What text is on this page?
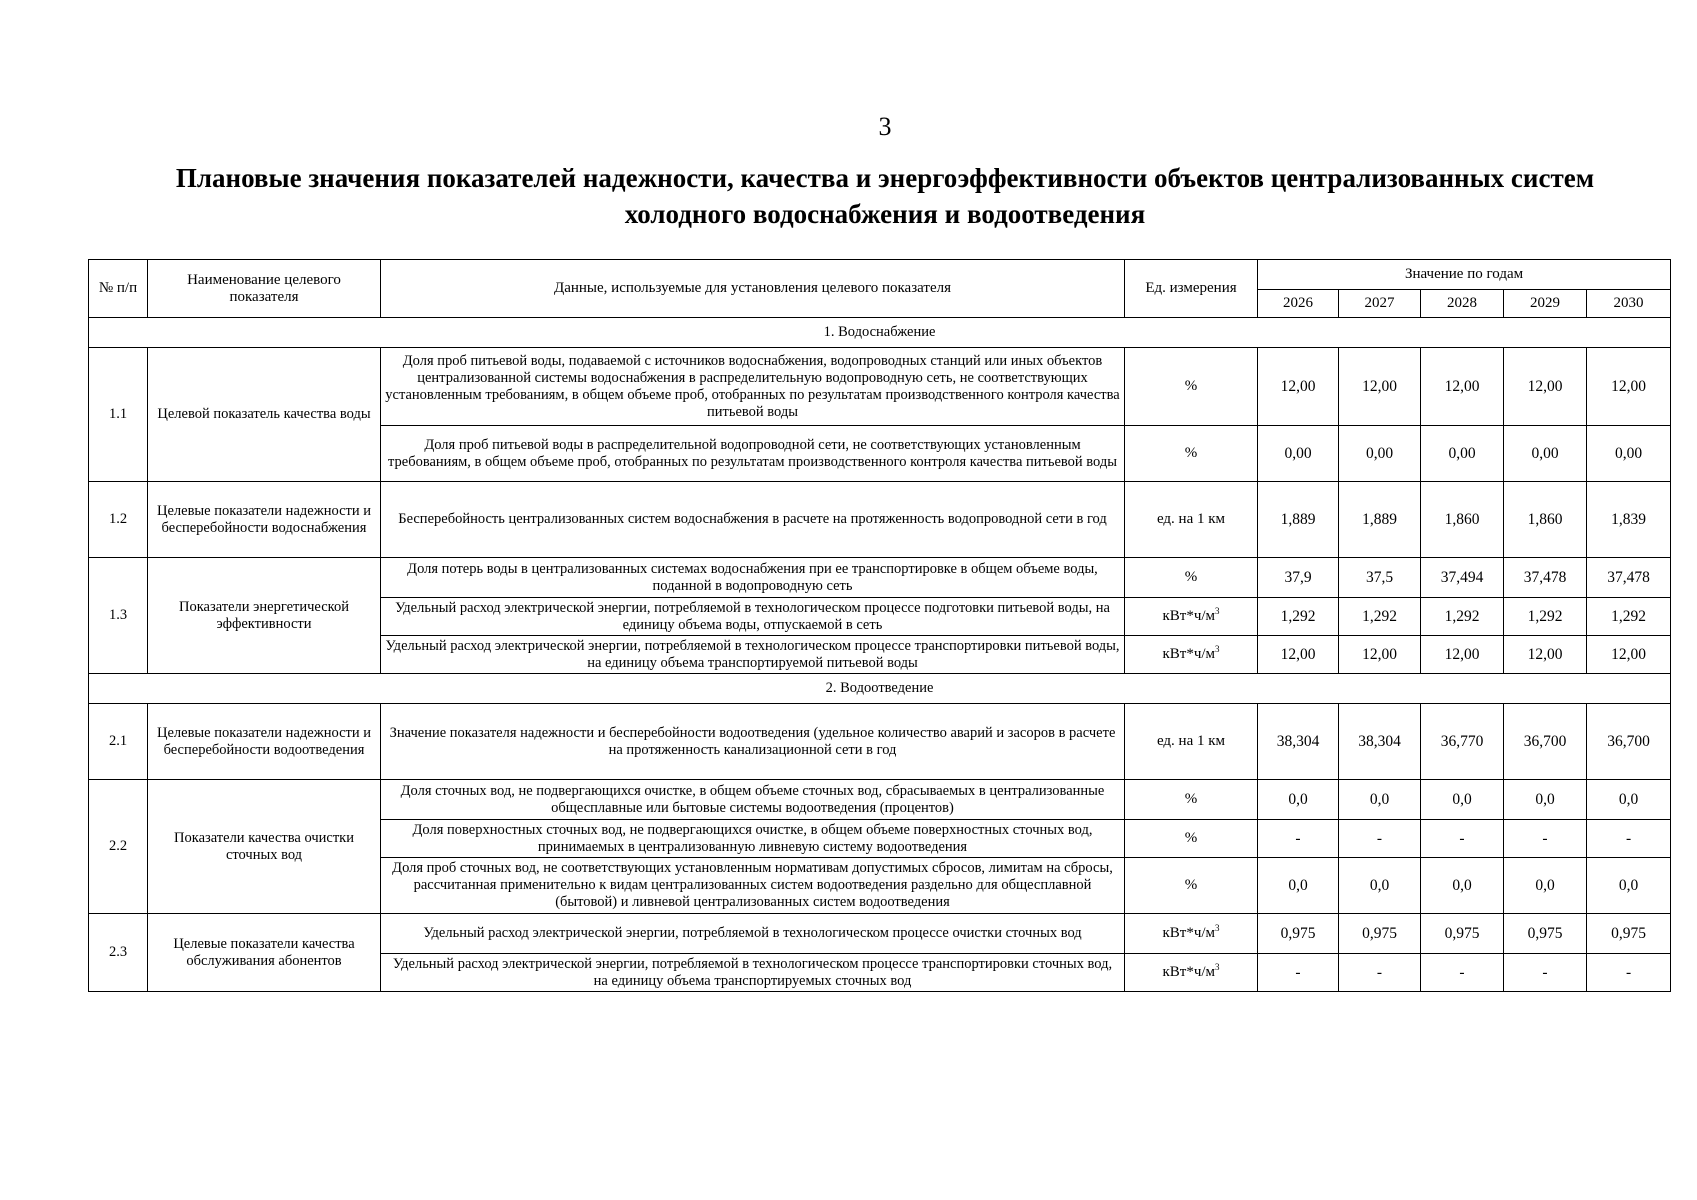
3
Плановые значения показателей надежности, качества и энергоэффективности объектов централизованных систем холодного водоснабжения и водоотведения
№ п/п	Наименование целевого показателя	Данные, используемые для установления целевого показателя	Ед. измерения	Значение по годам				
				2026	2027	2028	2029	2030
1. Водоснабжение								
1.1	Целевой показатель качества воды	Доля проб питьевой воды, подаваемой с источников водоснабжения, водопроводных станций или иных объектов централизованной системы водоснабжения в распределительную водопроводную сеть, не соответствующих установленным требованиям, в общем объеме проб, отобранных по результатам производственного контроля качества питьевой воды	%	12,00	12,00	12,00	12,00	12,00
		Доля проб питьевой воды в распределительной водопроводной сети, не соответствующих установленным требованиям, в общем объеме проб, отобранных по результатам производственного контроля качества питьевой воды	%	0,00	0,00	0,00	0,00	0,00
1.2	Целевые показатели надежности и бесперебойности водоснабжения	Бесперебойность централизованных систем водоснабжения в расчете на протяженность водопроводной сети в год	ед. на 1 км	1,889	1,889	1,860	1,860	1,839
1.3	Показатели энергетической эффективности	Доля потерь воды в централизованных системах водоснабжения при ее транспортировке в общем объеме воды, поданной в водопроводную сеть	%	37,9	37,5	37,494	37,478	37,478
		Удельный расход электрической энергии, потребляемой в технологическом процессе подготовки питьевой воды, на единицу объема воды, отпускаемой в сеть	$кВт*ч/м^3$	1,292	1,292	1,292	1,292	1,292
		Удельный расход электрической энергии, потребляемой в технологическом процессе транспортировки питьевой воды, на единицу объема транспортируемой питьевой воды	$кВт*ч/м^3$	12,00	12,00	12,00	12,00	12,00
2. Водоотведение								
2.1	Целевые показатели надежности и бесперебойности водоотведения	Значение показателя надежности и бесперебойности водоотведения (удельное количество аварий и засоров в расчете на протяженность канализационной сети в год	ед. на 1 км	38,304	38,304	36,770	36,700	36,700
2.2	Показатели качества очистки сточных вод	Доля сточных вод, не подвергающихся очистке, в общем объеме сточных вод, сбрасываемых в централизованные общесплавные или бытовые системы водоотведения (процентов)	%	0,0	0,0	0,0	0,0	0,0
		Доля поверхностных сточных вод, не подвергающихся очистке, в общем объеме поверхностных сточных вод, принимаемых в централизованную ливневую систему водоотведения	%	-	-	-	-	-
		Доля проб сточных вод, не соответствующих установленным нормативам допустимых сбросов, лимитам на сбросы, рассчитанная применительно к видам централизованных систем водоотведения раздельно для общесплавной (бытовой) и ливневой централизованных систем водоотведения	%	0,0	0,0	0,0	0,0	0,0
2.3	Целевые показатели качества обслуживания абонентов	Удельный расход электрической энергии, потребляемой в технологическом процессе очистки сточных вод	$кВт*ч/м^3$	0,975	0,975	0,975	0,975	0,975
		Удельный расход электрической энергии, потребляемой в технологическом процессе транспортировки сточных вод, на единицу объема транспортируемых сточных вод	$кВт*ч/м^3$	-	-	-	-	-
